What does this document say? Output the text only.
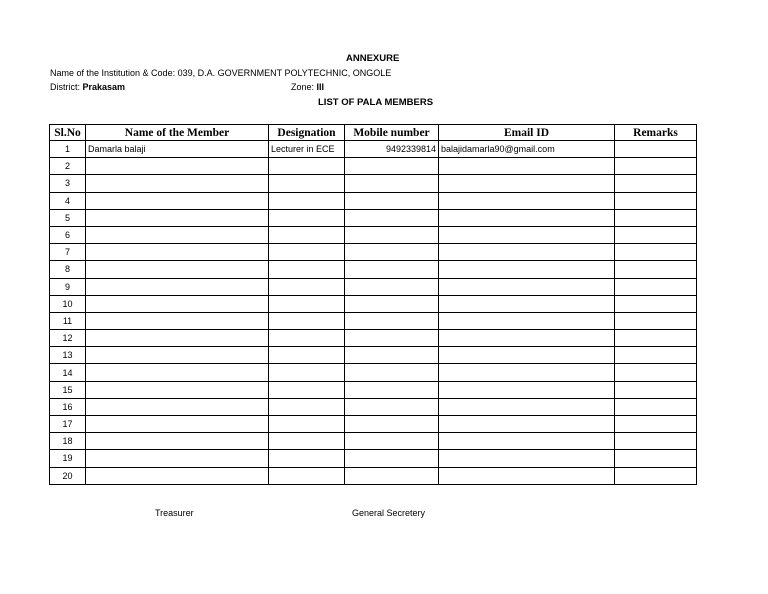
ANNEXURE
Name of the Institution & Code: 039, D.A. GOVERNMENT POLYTECHNIC, ONGOLE
District: Prakasam	Zone: III
LIST OF PALA MEMBERS
Sl.No	Name of the Member	Designation	Mobile number	Email ID	Remarks
1	Damarla balaji	Lecturer in ECE	9492339814	balajidamarla90@gmail.com	
2					
3					
4					
5					
6					
7					
8					
9					
10					
11					
12					
13					
14					
15					
16					
17					
18					
19					
20					
Treasurer	General Secretery
